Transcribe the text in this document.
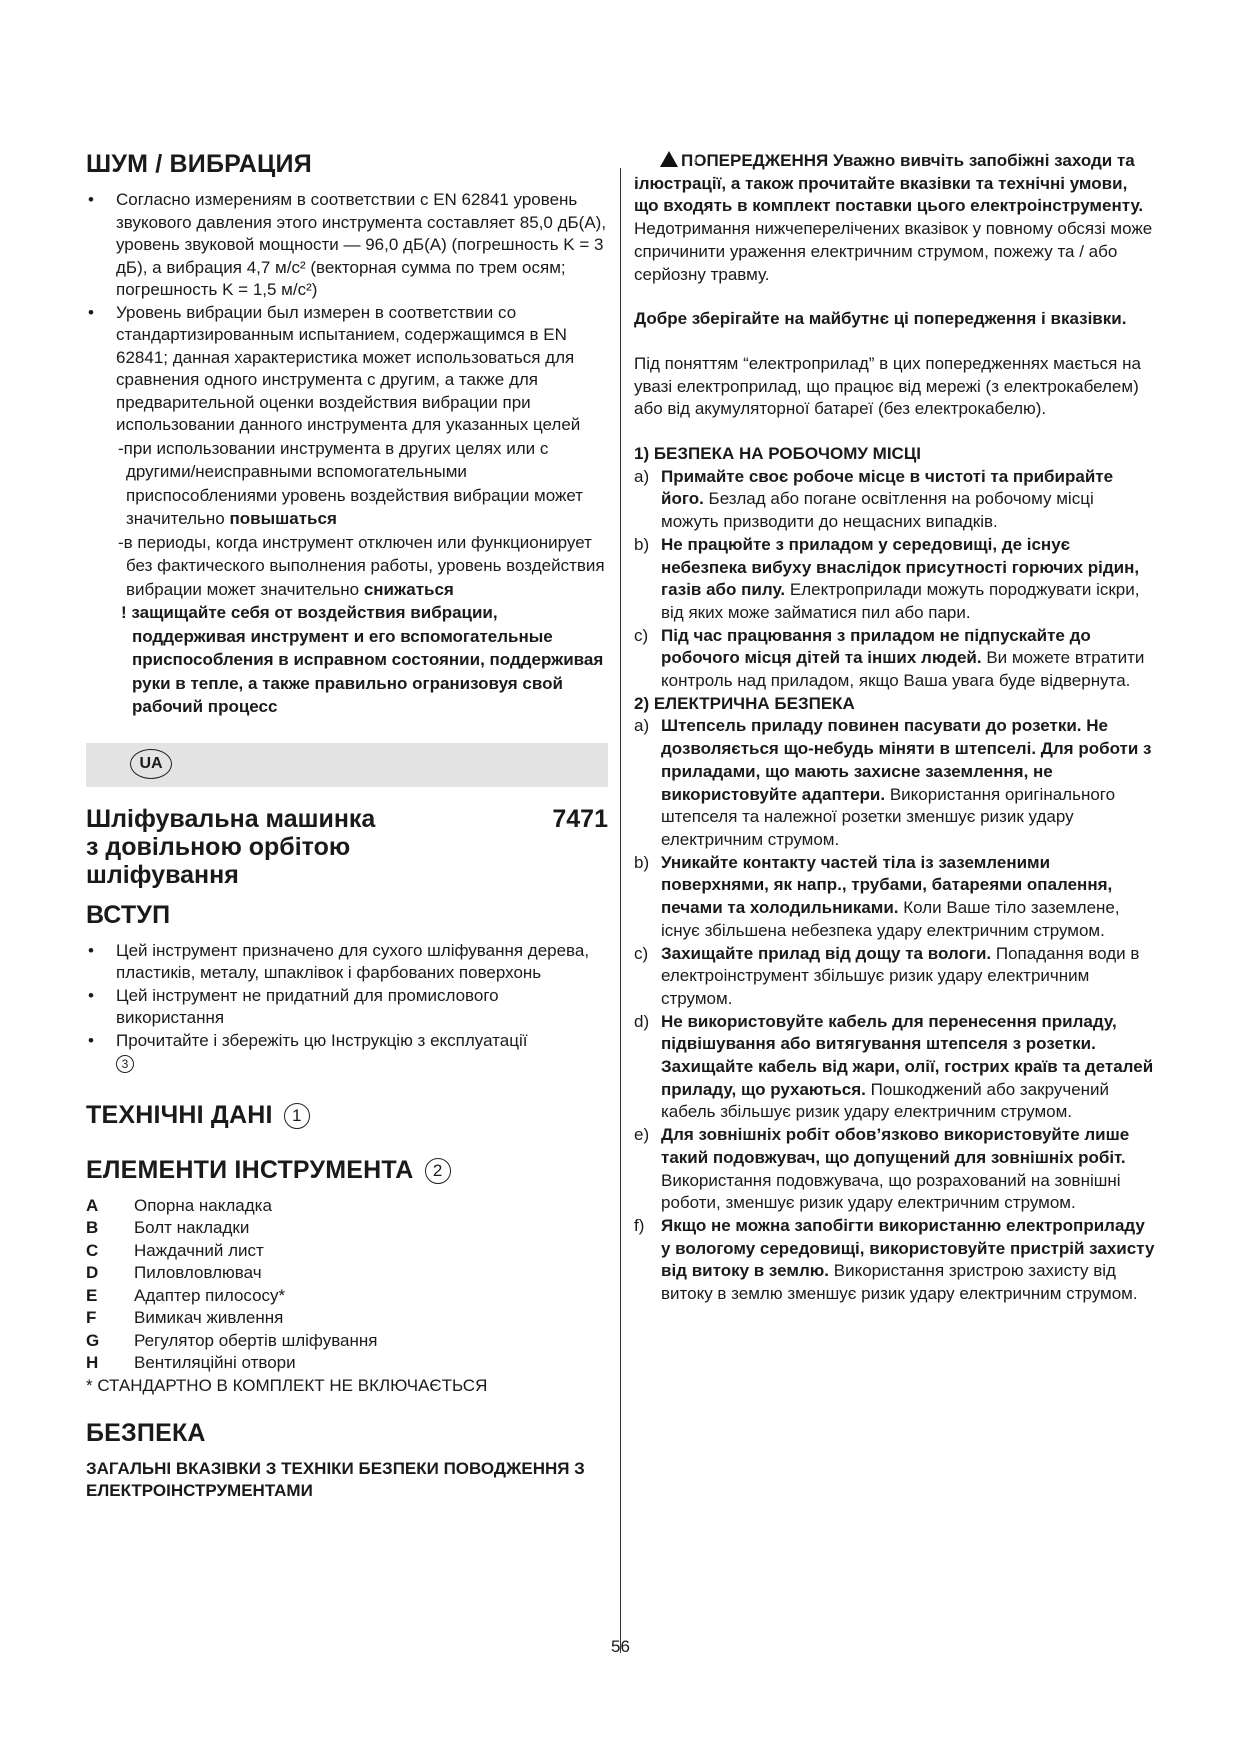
ШУМ / ВИБРАЦИЯ
• Согласно измерениям в соответствии с EN 62841 уровень звукового давления этого инструмента составляет 85,0 дБ(A), уровень звуковой мощности — 96,0 дБ(A) (погрешность K = 3 дБ), а вибрация 4,7 м/с² (векторная сумма по трем осям; погрешность K = 1,5 м/с²)
• Уровень вибрации был измерен в соответствии со стандартизированным испытанием, содержащимся в EN 62841; данная характеристика может использоваться для сравнения одного инструмента с другим, а также для предварительной оценки воздействия вибрации при использовании данного инструмента для указанных целей
-при использовании инструмента в других целях или с другими/неисправными вспомогательными приспособлениями уровень воздействия вибрации может значительно повышаться
-в периоды, когда инструмент отключен или функционирует без фактического выполнения работы, уровень воздействия вибрации может значительно снижаться
! защищайте себя от воздействия вибрации, поддерживая инструмент и его вспомогательные приспособления в исправном состоянии, поддерживая руки в тепле, а также правильно огранизовуя свой рабочий процесс
UA
Шліфувальна машинка з довільною орбітою шліфування
7471
ВСТУП
• Цей інструмент призначено для сухого шліфування дерева, пластиків, металу, шпаклівок і фарбованих поверхонь
• Цей інструмент не придатний для промислового використання
• Прочитайте і збережіть цю Інструкцію з експлуатації
3
ТЕХНІЧНІ ДАНІ 1
ЕЛЕМЕНТИ ІНСТРУМЕНТА 2
A	Опорна накладка
B	Болт накладки
C	Наждачний лист
D	Пиловловлювач
E	Адаптер пилососу*
F	Вимикач живлення
G	Регулятор обертів шліфування
H	Вентиляційні отвори
* СТАНДАРТНО В КОМПЛЕКТ НЕ ВКЛЮЧАЄТЬСЯ
БЕЗПЕКА
ЗАГАЛЬНІ ВКАЗІВКИ З ТЕХНІКИ БЕЗПЕКИ ПОВОДЖЕННЯ З ЕЛЕКТРОІНСТРУМЕНТАМИ

!ПОПЕРЕДЖЕННЯ Уважно вивчіть запобіжні заходи та ілюстрації, а також прочитайте вказівки та технічні умови, що входять в комплект поставки цього електроінструменту. Недотримання нижчеперелічених вказівок у повному обсязі може спричинити ураження електричним струмом, пожежу та / або серйозну травму.

Добре зберігайте на майбутнє ці попередження і вказівки.

Під поняттям “електроприлад” в цих попередженнях мається на увазі електроприлад, що працює від мережі (з електрокабелем) або від акумуляторної батареї (без електрокабелю).

1) БЕЗПЕКА НА РОБОЧОМУ МІСЦІ
a) Примайте своє робоче місце в чистоті та прибирайте його. Безлад або погане освітлення на робочому місці можуть призводити до нещасних випадків.
b) Не працюйте з приладом у середовищі, де існує небезпека вибуху внаслідок присутності горючих рідин, газів або пилу. Електроприлади можуть породжувати іскри, від яких може займатися пил або пари.
c) Під час працювання з приладом не підпускайте до робочого місця дітей та інших людей. Ви можете втратити контроль над приладом, якщо Ваша увага буде відвернута.
2) ЕЛЕКТРИЧНА БЕЗПЕКА
a) Штепсель приладу повинен пасувати до розетки. Не дозволяється що-небудь міняти в штепселі. Для роботи з приладами, що мають захисне заземлення, не використовуйте адаптери. Використання оригінального штепселя та належної розетки зменшує ризик удару електричним струмом.
b) Уникайте контакту частей тіла із заземленими поверхнями, як напр., трубами, батареями опалення, печами та холодильниками. Коли Ваше тіло заземлене, існує збільшена небезпека удару електричним струмом.
c) Захищайте прилад від дощу та вологи. Попадання води в електроінструмент збільшує ризик удару електричним струмом.
d) Не використовуйте кабель для перенесення приладу, підвішування або витягування штепселя з розетки. Захищайте кабель від жари, олії, гострих країв та деталей приладу, що рухаються. Пошкоджений або закручений кабель збільшує ризик удару електричним струмом.
e) Для зовнішніх робіт обов’язково використовуйте лише такий подовжувач, що допущений для зовнішніх робіт. Використання подовжувача, що розрахований на зовнішні роботи, зменшує ризик удару електричним струмом.
f) Якщо не можна запобігти використанню електроприладу у вологому середовищі, використовуйте пристрій захисту від витоку в землю. Використання зристрою захисту від витоку в землю зменшує ризик удару електричним струмом.
56
